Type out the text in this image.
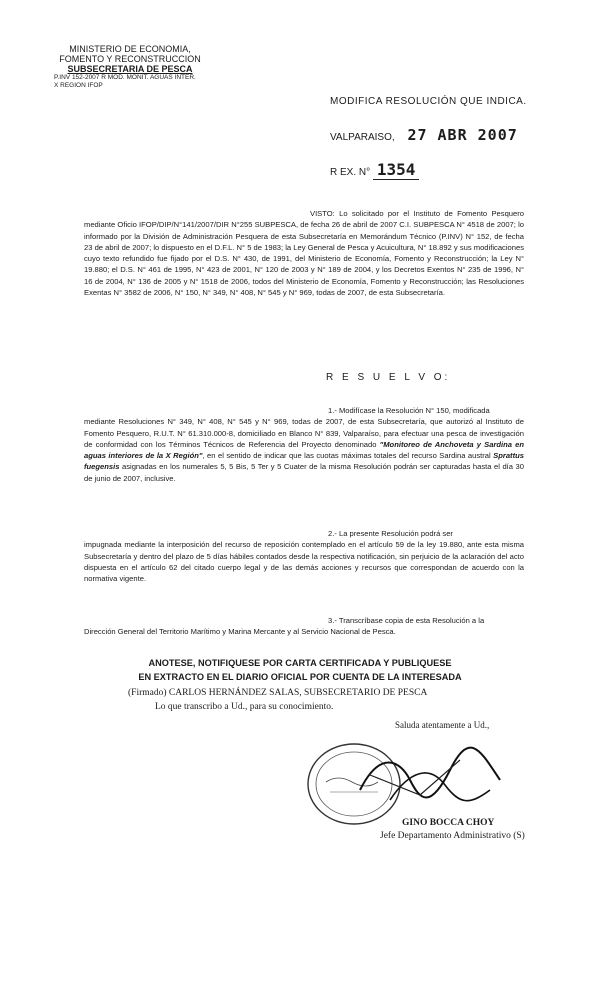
MINISTERIO DE ECONOMIA,
FOMENTO Y RECONSTRUCCION
SUBSECRETARIA DE PESCA
P.INV 152-2007 R MOD. MONIT. AGUAS INTER.
X REGION IFOP
MODIFICA RESOLUCIÓN QUE INDICA.
VALPARAISO, 27 ABR 2007
R EX. N° 1354
VISTO: Lo solicitado por el Instituto de Fomento Pesquero mediante Oficio IFOP/DIP/N°141/2007/DIR N°255 SUBPESCA, de fecha 26 de abril de 2007 C.I. SUBPESCA N° 4518 de 2007; lo informado por la División de Administración Pesquera de esta Subsecretaría en Memorándum Técnico (P.INV) N° 152, de fecha 23 de abril de 2007; lo dispuesto en el D.F.L. N° 5 de 1983; la Ley General de Pesca y Acuicultura, N° 18.892 y sus modificaciones cuyo texto refundido fue fijado por el D.S. N° 430, de 1991, del Ministerio de Economía, Fomento y Reconstrucción; la Ley N° 19.880; el D.S. N° 461 de 1995, N° 423 de 2001, N° 120 de 2003 y N° 189 de 2004, y los Decretos Exentos N° 235 de 1996, N° 16 de 2004, N° 136 de 2005 y N° 1518 de 2006, todos del Ministerio de Economía, Fomento y Reconstrucción; las Resoluciones Exentas N° 3582 de 2006, N° 150, N° 349, N° 408, N° 545 y N° 969, todas de 2007, de esta Subsecretaría.
R E S U E L V O:
1.- Modifícase la Resolución N° 150, modificada
mediante Resoluciones N° 349, N° 408, N° 545 y N° 969, todas de 2007, de esta Subsecretaría, que autorizó al Instituto de Fomento Pesquero, R.U.T. N° 61.310.000-8, domiciliado en Blanco N° 839, Valparaíso, para efectuar una pesca de investigación de conformidad con los Términos Técnicos de Referencia del Proyecto denominado "Monitoreo de Anchoveta y Sardina en aguas interiores de la X Región", en el sentido de indicar que las cuotas máximas totales del recurso Sardina austral Sprattus fuegensis asignadas en los numerales 5, 5 Bis, 5 Ter y 5 Cuater de la misma Resolución podrán ser capturadas hasta el día 30 de junio de 2007, inclusive.
2.- La presente Resolución podrá ser
impugnada mediante la interposición del recurso de reposición contemplado en el artículo 59 de la ley 19.880, ante esta misma Subsecretaría y dentro del plazo de 5 días hábiles contados desde la respectiva notificación, sin perjuicio de la aclaración del acto dispuesta en el artículo 62 del citado cuerpo legal y de las demás acciones y recursos que correspondan de acuerdo con la normativa vigente.
3.- Transcríbase copia de esta Resolución a la
Dirección General del Territorio Marítimo y Marina Mercante y al Servicio Nacional de Pesca.
ANOTESE, NOTIFIQUESE POR CARTA CERTIFICADA Y PUBLIQUESE
EN EXTRACTO EN EL DIARIO OFICIAL POR CUENTA DE LA INTERESADA
(Firmado) CARLOS HERNÁNDEZ SALAS, SUBSECRETARIO DE PESCA
Lo que transcribo a Ud., para su conocimiento.
Saluda atentamente a Ud.,
GINO BOCCA CHOY
Jefe Departamento Administrativo (S)
